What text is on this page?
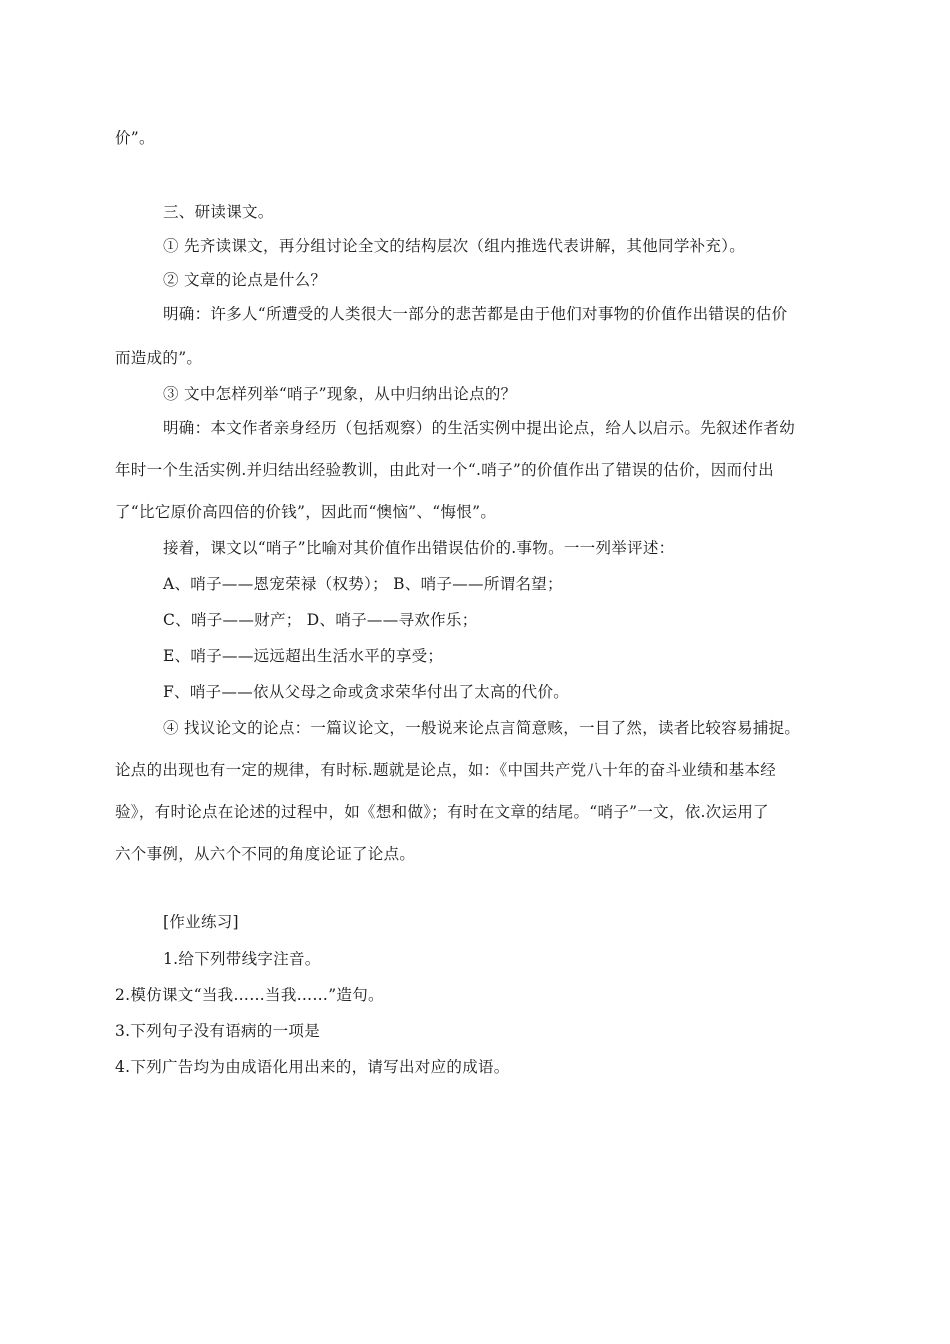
价”。
三、研读课文。
① 先齐读课文，再分组讨论全文的结构层次（组内推选代表讲解，其他同学补充）。
② 文章的论点是什么？
明确：许多人“所遭受的人类很大一部分的悲苦都是由于他们对事物的价值作出错误的估价
而造成的”。
③ 文中怎样列举“哨子”现象，从中归纳出论点的？
明确：本文作者亲身经历（包括观察）的生活实例中提出论点，给人以启示。先叙述作者幼
年时一个生活实例.并归结出经验教训，由此对一个“.哨子”的价值作出了错误的估价，因而付出
了“比它原价高四倍的价钱”，因此而“懊恼”、“悔恨”。
接着，课文以“哨子”比喻对其价值作出错误估价的.事物。一一列举评述：
A、哨子——恩宠荣禄（权势）； B、哨子——所谓名望；
C、哨子——财产； D、哨子——寻欢作乐；
E、哨子——远远超出生活水平的享受；
F、哨子——依从父母之命或贪求荣华付出了太高的代价。
④ 找议论文的论点：一篇议论文，一般说来论点言简意赅，一目了然，读者比较容易捕捉。
论点的出现也有一定的规律，有时标.题就是论点，如：《中国共产党八十年的奋斗业绩和基本经
验》，有时论点在论述的过程中，如《想和做》；有时在文章的结尾。“哨子”一文，依.次运用了
六个事例，从六个不同的角度论证了论点。
[作业练习]
1.给下列带线字注音。
2.模仿课文“当我……当我……”造句。
3.下列句子没有语病的一项是
4.下列广告均为由成语化用出来的，请写出对应的成语。
